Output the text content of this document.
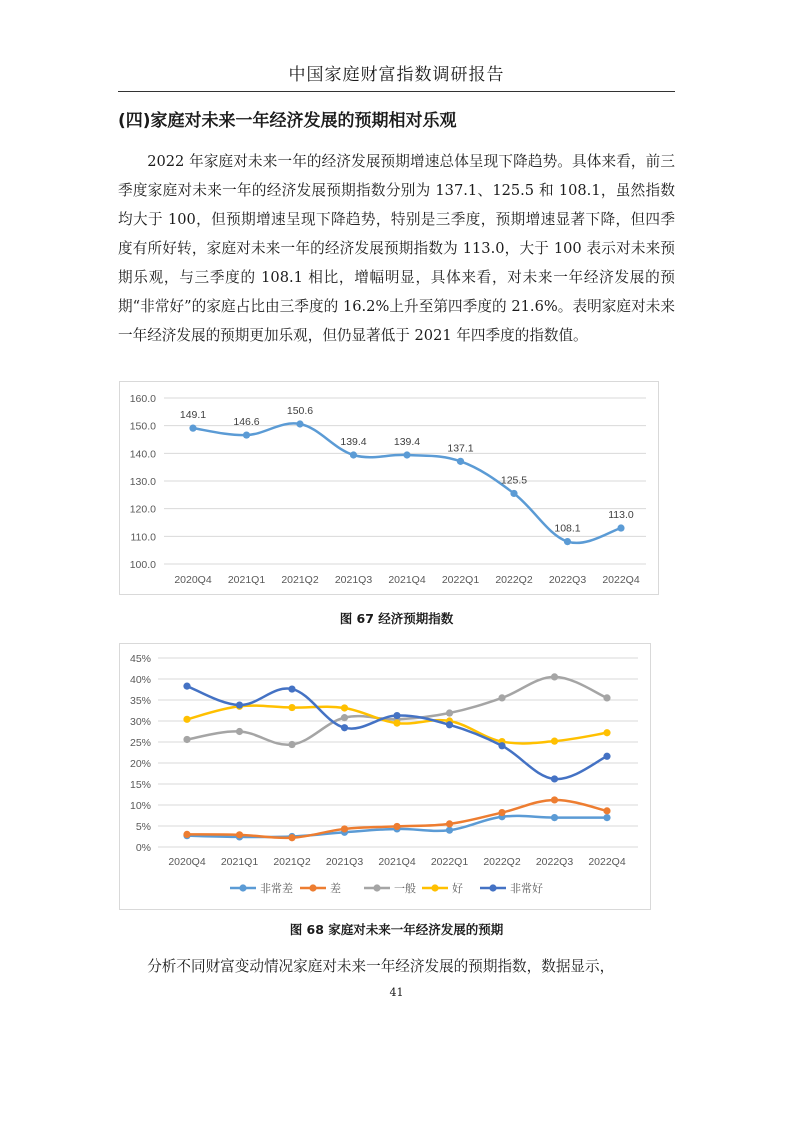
中国家庭财富指数调研报告
(四)家庭对未来一年经济发展的预期相对乐观

2022 年家庭对未来一年的经济发展预期增速总体呈现下降趋势。具体来看，前三季度家庭对未来一年的经济发展预期指数分别为 137.1、125.5 和 108.1，虽然指数均大于 100，但预期增速呈现下降趋势，特别是三季度，预期增速显著下降，但四季度有所好转，家庭对未来一年的经济发展预期指数为 113.0，大于 100 表示对未来预期乐观，与三季度的 108.1 相比，增幅明显，具体来看，对未来一年经济发展的预期“非常好”的家庭占比由三季度的 16.2%上升至第四季度的 21.6%。表明家庭对未来一年经济发展的预期更加乐观，但仍显著低于 2021 年四季度的指数值。

100.0
110.0
120.0
130.0
140.0
150.0
160.0
2020Q4 2021Q1 2021Q2 2021Q3 2021Q4 2022Q1 2022Q2 2022Q3 2022Q4
149.1
146.6
150.6
139.4	139.4
137.1
125.5
108.1
113.0
图 67 经济预期指数
0%
5%
10%
15%
20%
25%
30%
35%
40%
45%
2020Q4 2021Q1 2021Q2 2021Q3 2021Q4 2022Q1 2022Q2 2022Q3 2022Q4
非常差	差	一般	好	非常好
图 68 家庭对未来一年经济发展的预期

分析不同财富变动情况家庭对未来一年经济发展的预期指数，数据显示，

41
